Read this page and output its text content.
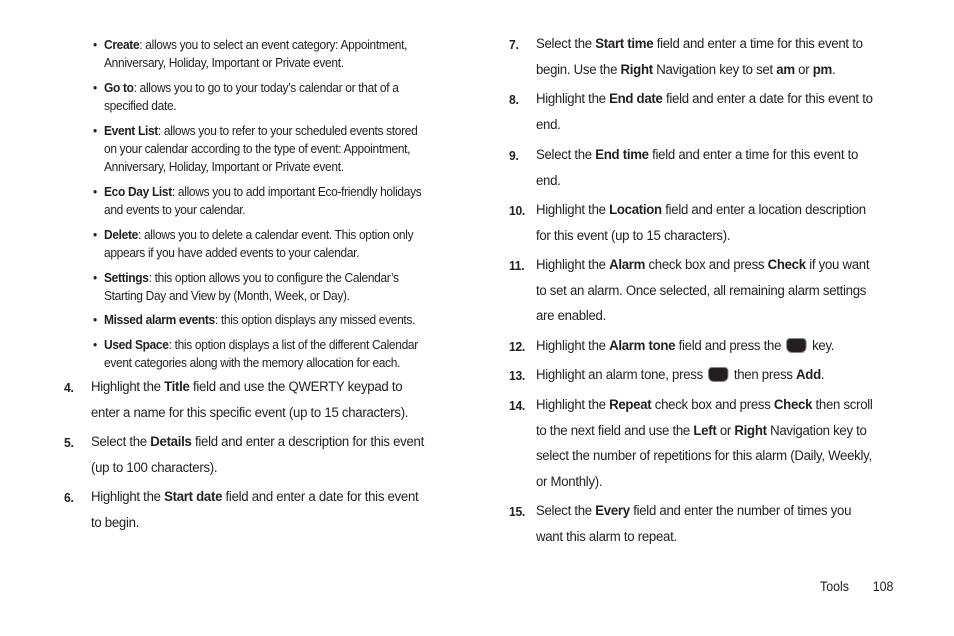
• Create: allows you to select an event category: Appointment, Anniversary, Holiday, Important or Private event.
• Go to: allows you to go to your today’s calendar or that of a specified date.
• Event List: allows you to refer to your scheduled events stored on your calendar according to the type of event: Appointment, Anniversary, Holiday, Important or Private event.
• Eco Day List: allows you to add important Eco-friendly holidays and events to your calendar.
• Delete: allows you to delete a calendar event. This option only appears if you have added events to your calendar.
• Settings: this option allows you to configure the Calendar’s Starting Day and View by (Month, Week, or Day).
• Missed alarm events: this option displays any missed events.
• Used Space: this option displays a list of the different Calendar event categories along with the memory allocation for each.
4. Highlight the Title field and use the QWERTY keypad to enter a name for this specific event (up to 15 characters).
5. Select the Details field and enter a description for this event (up to 100 characters).
6. Highlight the Start date field and enter a date for this event to begin.
7. Select the Start time field and enter a time for this event to begin. Use the Right Navigation key to set am or pm.
8. Highlight the End date field and enter a date for this event to end.
9. Select the End time field and enter a time for this event to end.
10. Highlight the Location field and enter a location description for this event (up to 15 characters).
11. Highlight the Alarm check box and press Check if you want to set an alarm. Once selected, all remaining alarm settings are enabled.
12. Highlight the Alarm tone field and press the  key.
13. Highlight an alarm tone, press  then press Add.
14. Highlight the Repeat check box and press Check then scroll to the next field and use the Left or Right Navigation key to select the number of repetitions for this alarm (Daily, Weekly, or Monthly).
15. Select the Every field and enter the number of times you want this alarm to repeat.
Tools 108
